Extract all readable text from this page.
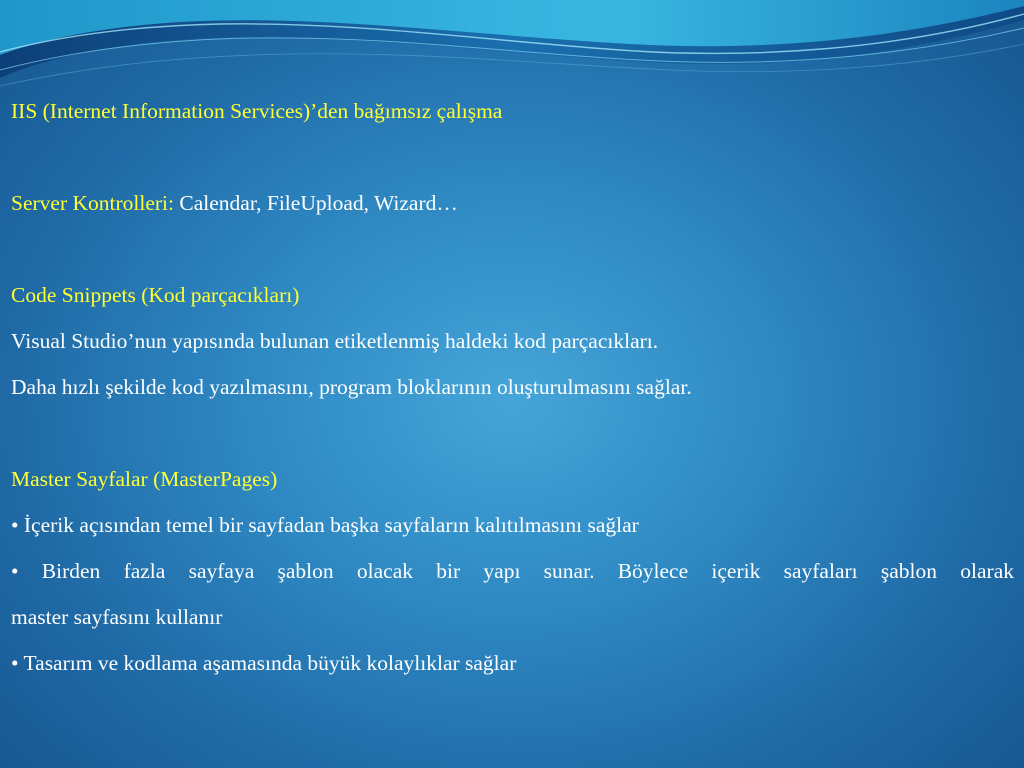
IIS (Internet Information Services)’den bağımsız çalışma
Server Kontrolleri: Calendar, FileUpload, Wizard…
Code Snippets (Kod parçacıkları)
Visual Studio’nun yapısında bulunan etiketlenmiş haldeki kod parçacıkları.
Daha hızlı şekilde kod yazılmasını, program bloklarının oluşturulmasını sağlar.
Master Sayfalar (MasterPages)
• İçerik açısından temel bir sayfadan başka sayfaların kalıtılmasını sağlar
• Birden fazla sayfaya şablon olacak bir yapı sunar. Böylece içerik sayfaları şablon olarak
master sayfasını kullanır
• Tasarım ve kodlama aşamasında büyük kolaylıklar sağlar
